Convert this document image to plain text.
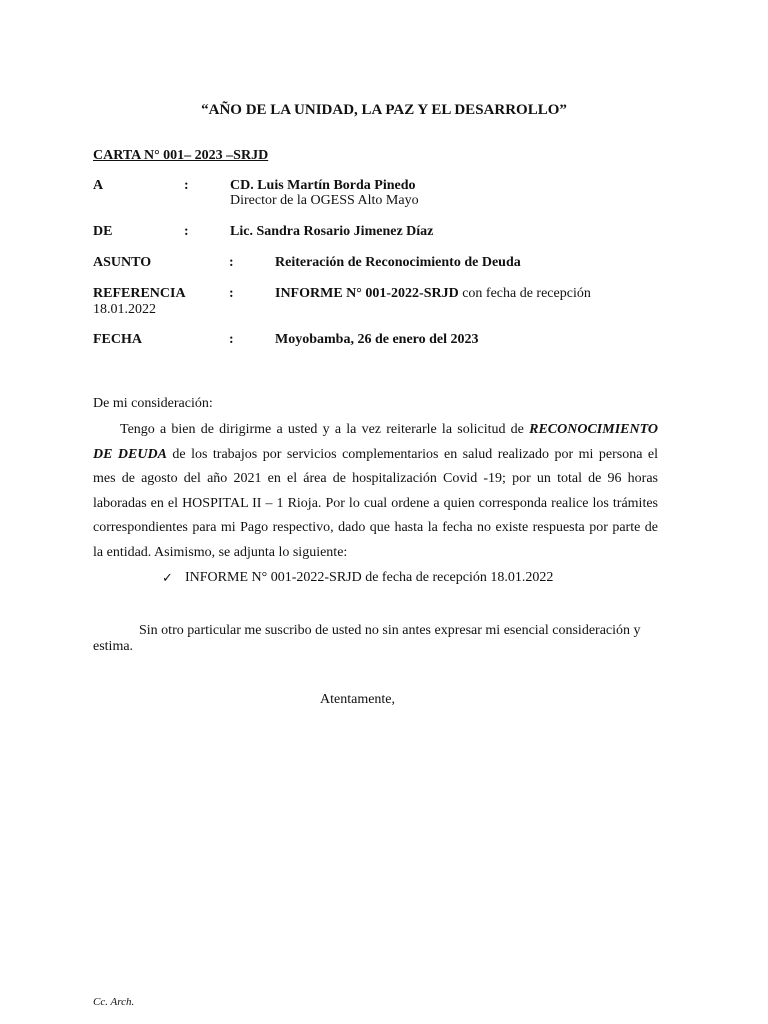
“AÑO DE LA UNIDAD, LA PAZ Y EL DESARROLLO”
CARTA N° 001– 2023 –SRJD
A	:	CD. Luis Martín Borda Pinedo
Director de la OGESS Alto Mayo
DE	:	Lic. Sandra Rosario Jimenez Díaz
ASUNTO	:	Reiteración de Reconocimiento de Deuda
REFERENCIA	:	INFORME N° 001-2022-SRJD con fecha de recepción
18.01.2022
FECHA	:	Moyobamba, 26 de enero del 2023
De mi consideración:
Tengo a bien de dirigirme a usted y a la vez reiterarle la solicitud de RECONOCIMIENTO
DE DEUDA de los trabajos por servicios complementarios en salud realizado por mi persona el
mes de agosto del año 2021 en el área de hospitalización Covid -19; por un total de 96 horas
laboradas en el HOSPITAL II – 1 Rioja. Por lo cual ordene a quien corresponda realice los trámites
correspondientes para mi Pago respectivo, dado que hasta la fecha no existe respuesta por parte de
la entidad. Asimismo, se adjunta lo siguiente:
✓ INFORME N° 001-2022-SRJD de fecha de recepción 18.01.2022
Sin otro particular me suscribo de usted no sin antes expresar mi esencial consideración y
estima.
Atentamente,
Cc. Arch.
